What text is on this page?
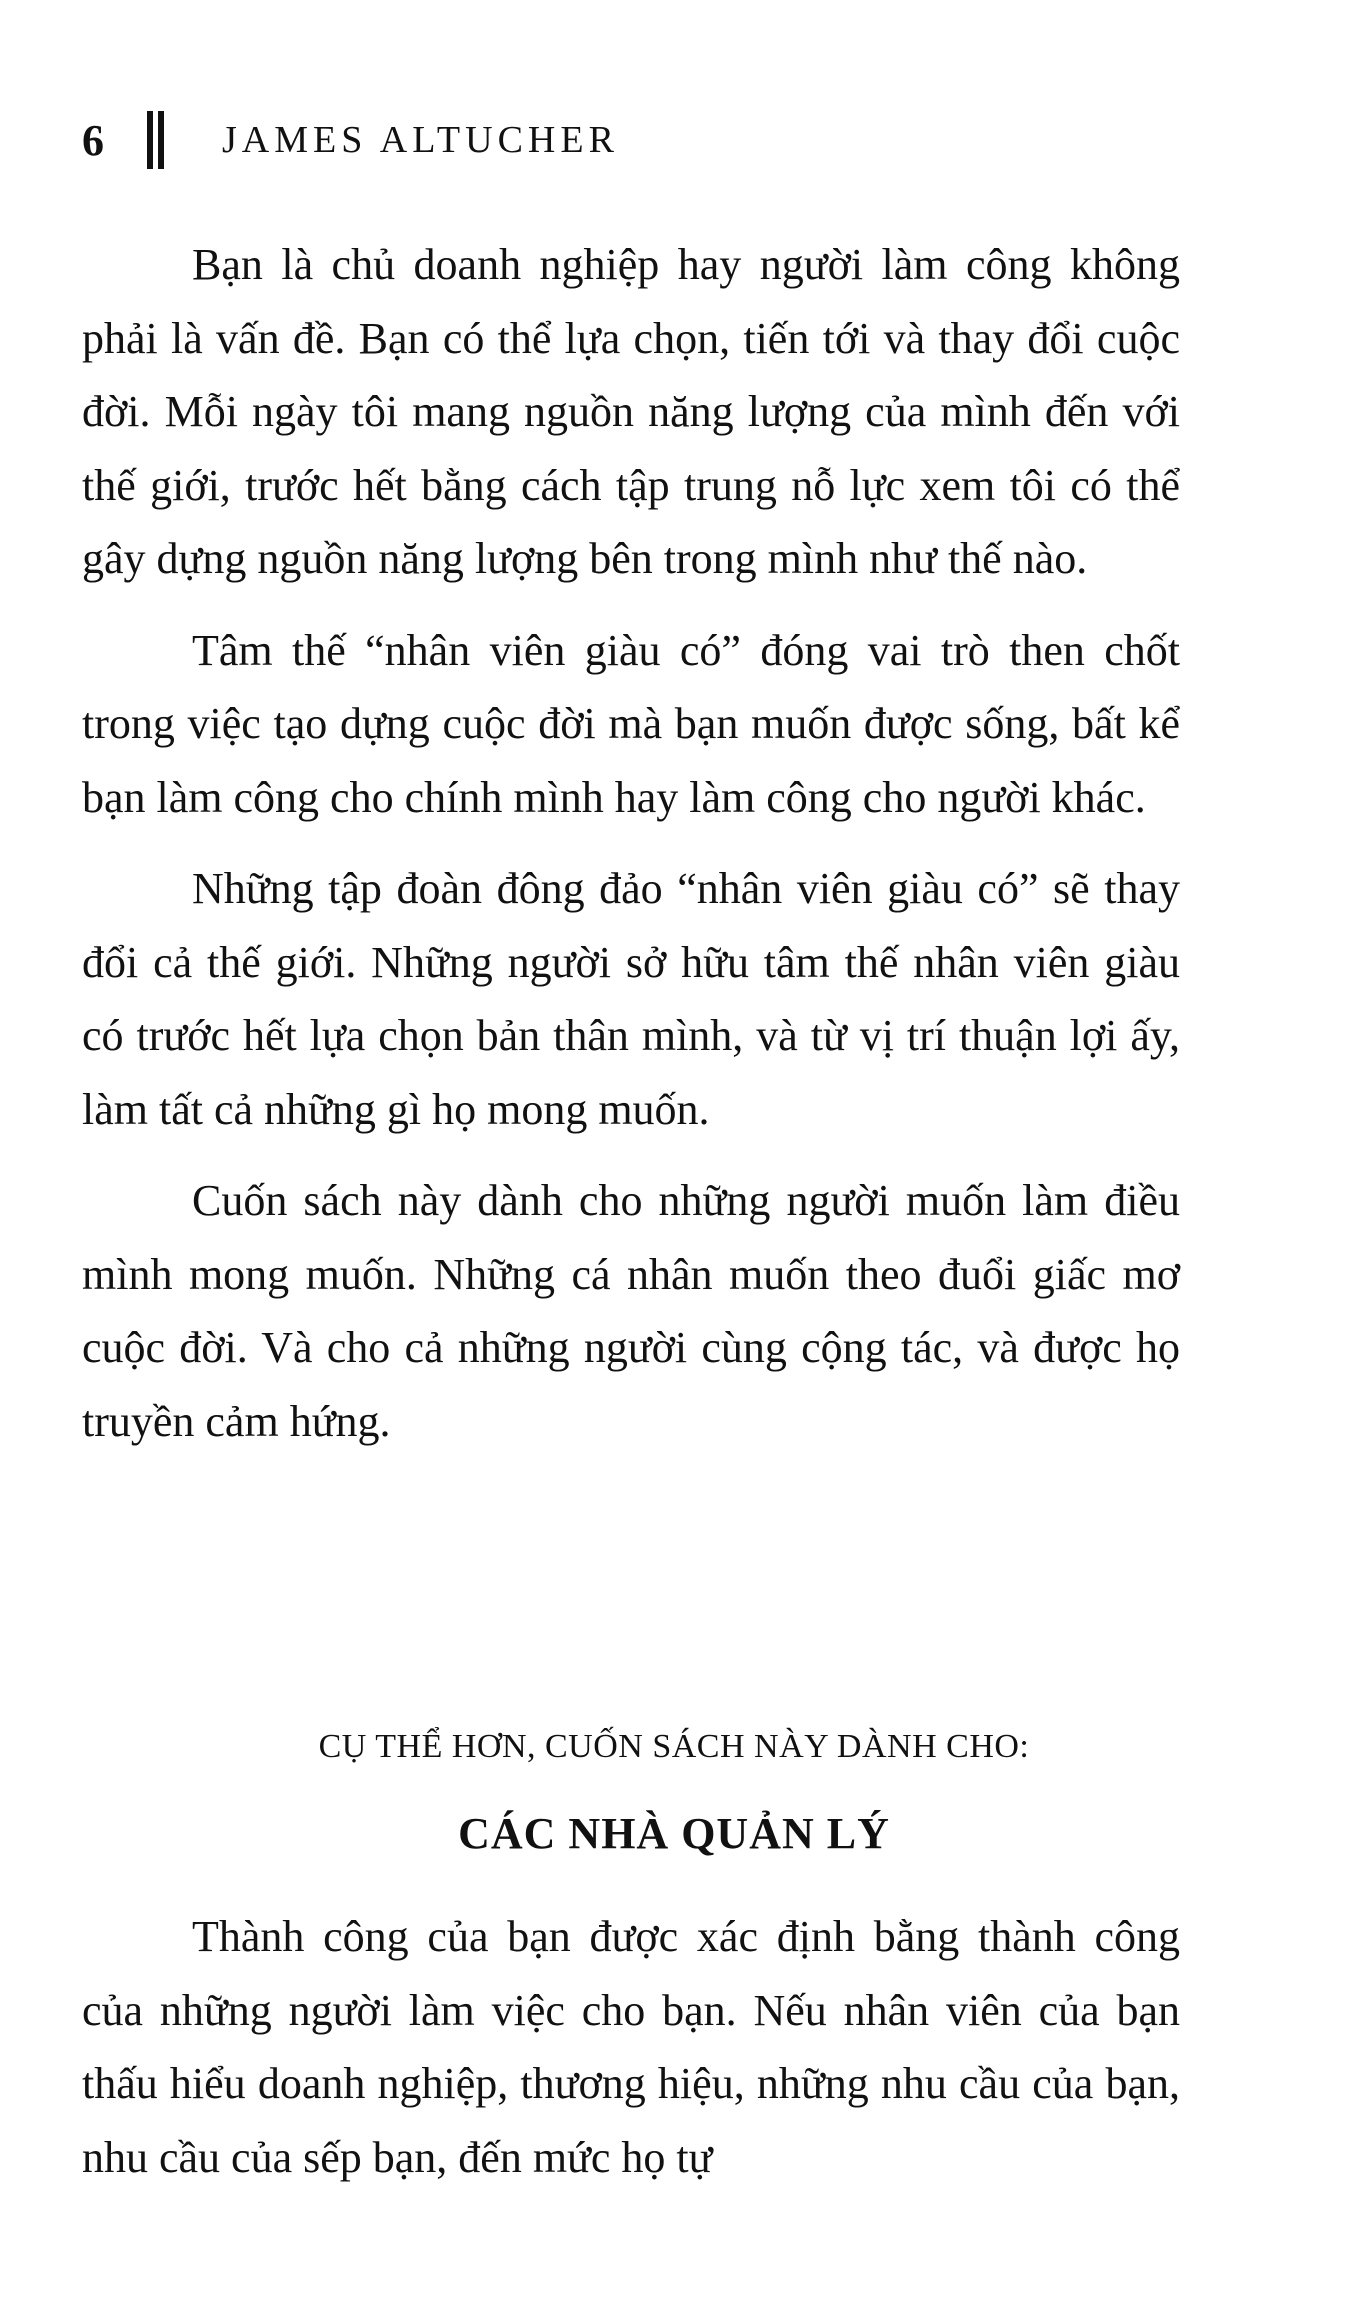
6	JAMES ALTUCHER

Bạn là chủ doanh nghiệp hay người làm công không phải là vấn đề. Bạn có thể lựa chọn, tiến tới và thay đổi cuộc đời. Mỗi ngày tôi mang nguồn năng lượng của mình đến với thế giới, trước hết bằng cách tập trung nỗ lực xem tôi có thể gây dựng nguồn năng lượng bên trong mình như thế nào.

Tâm thế “nhân viên giàu có” đóng vai trò then chốt trong việc tạo dựng cuộc đời mà bạn muốn được sống, bất kể bạn làm công cho chính mình hay làm công cho người khác.

Những tập đoàn đông đảo “nhân viên giàu có” sẽ thay đổi cả thế giới. Những người sở hữu tâm thế nhân viên giàu có trước hết lựa chọn bản thân mình, và từ vị trí thuận lợi ấy, làm tất cả những gì họ mong muốn.

Cuốn sách này dành cho những người muốn làm điều mình mong muốn. Những cá nhân muốn theo đuổi giấc mơ cuộc đời. Và cho cả những người cùng cộng tác, và được họ truyền cảm hứng.

CỤ THỂ HƠN, CUỐN SÁCH NÀY DÀNH CHO:
CÁC NHÀ QUẢN LÝ

Thành công của bạn được xác định bằng thành công của những người làm việc cho bạn. Nếu nhân viên của bạn thấu hiểu doanh nghiệp, thương hiệu, những nhu cầu của bạn, nhu cầu của sếp bạn, đến mức họ tự
